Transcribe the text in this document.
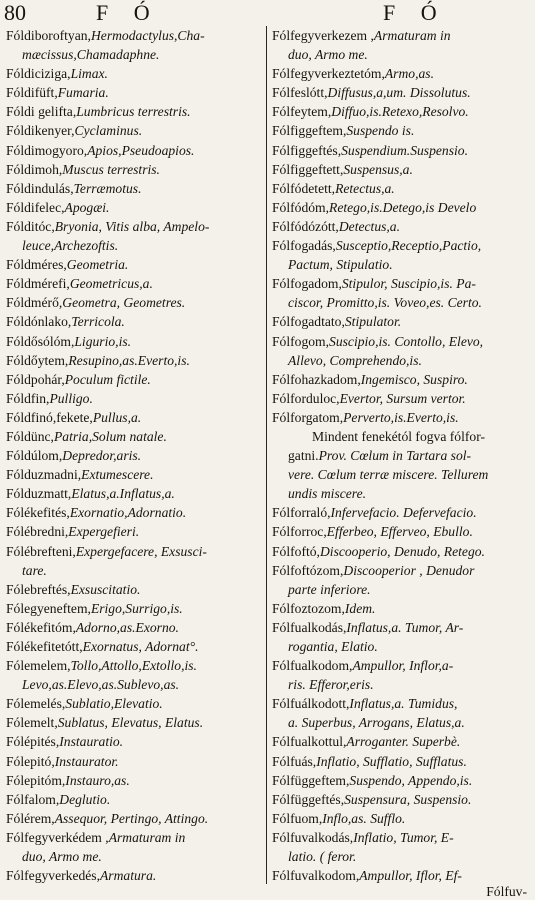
80	F Ó	F Ó
Fóldiboroftyan,Hermodactylus,Cha-
mæcissus,Chamadaphne.
Fóldiciziga,Limax.
Fóldifüft,Fumaria.
Fóldi gelifta,Lumbricus terrestris.
Fóldikenyer,Cyclaminus.
Fóldimogyoro,Apios,Pseudoapios.
Fóldimoh,Muscus terrestris.
Fóldindulás,Terræmotus.
Fóldifelec,Apogæi.
Fólditóc,Bryonia, Vitis alba, Ampelo-
leuce,Archezoftis.
Fóldméres,Geometria.
Fóldmérefi,Geometricus,a.
Fóldmérő,Geometra, Geometres.
Fóldónlako,Terricola.
Fóldősólóm,Ligurio,is.
Fóldőytem,Resupino,as.Everto,is.
Fóldpohár,Poculum fictile.
Fóldfin,Pulligo.
Fóldfinó,fekete,Pullus,a.
Fóldünc,Patria,Solum natale.
Fóldúlom,Depredor,aris.
Fólduzmadni,Extumescere.
Fólduzmatt,Elatus,a.Inflatus,a.
Fólékefités,Exornatio,Adornatio.
Fólébredni,Expergefieri.
Fólébrefteni,Expergefacere, Exsusci-
tare.
Fólebreftés,Exsuscitatio.
Fólegyeneftem,Erigo,Surrigo,is.
Fólékefitóm,Adorno,as.Exorno.
Fólékefitetótt,Exornatus, Adornat°.
Fólemelem,Tollo,Attollo,Extollo,is.
Levo,as.Elevo,as.Sublevo,as.
Fólemelés,Sublatio,Elevatio.
Fólemelt,Sublatus, Elevatus, Elatus.
Fólépités,Instauratio.
Fólepitó,Instaurator.
Fólepitóm,Instauro,as.
Fólfalom,Deglutio.
Fólérem,Assequor, Pertingo, Attingo.
Fólfegyverkédem ,Armaturam in
duo, Armo me.
Fólfegyverkedés,Armatura.
Fólfegyverkezem ,Armaturam in
duo, Armo me.
Fólfegyverkeztetóm,Armo,as.
Fólfeslótt,Diffusus,a,um. Dissolutus.
Fólfeytem,Diffuo,is.Retexo,Resolvo.
Fólfiggeftem,Suspendo is.
Fólfiggeftés,Suspendium.Suspensio.
Fólfiggeftett,Suspensus,a.
Fólfódetett,Retectus,a.
Fólfódóm,Retego,is.Detego,is Develo
Fólfódózótt,Detectus,a.
Fólfogadás,Susceptio,Receptio,Pactio,
Pactum, Stipulatio.
Fólfogadom,Stipulor, Suscipio,is. Pa-
ciscor, Promitto,is. Voveo,es. Certo.
Fólfogadtato,Stipulator.
Fólfogom,Suscipio,is. Contollo, Elevo,
Allevo, Comprehendo,is.
Fólfohazkadom,Ingemisco, Suspiro.
Fólforduloc,Evertor, Sursum vertor.
Fólforgatom,Perverto,is.Everto,is.
Mindent fenekétól fogva fólfor-
gatni.Prov. Cœlum in Tartara sol-
vere. Cœlum terræ miscere. Tellurem
undis miscere.
Fólforraló,Infervefacio. Defervefacio.
Fólforroc,Efferbeo, Efferveo, Ebullo.
Fólfoftó,Discooperio, Denudo, Retego.
Fólfoftózom,Discooperior , Denudor
parte inferiore.
Fólfoztozom,Idem.
Fólfualkodás,Inflatus,a. Tumor, Ar-
rogantia, Elatio.
Fólfualkodom,Ampullor, Inflor,a-
ris. Efferor,eris.
Fólfuálkodott,Inflatus,a. Tumidus,
a. Superbus, Arrogans, Elatus,a.
Fólfualkottul,Arroganter. Superbè.
Fólfuás,Inflatio, Sufflatio, Sufflatus.
Fólfüggeftem,Suspendo, Appendo,is.
Fólfüggeftés,Suspensura, Suspensio.
Fólfuom,Inflo,as. Sufflo.
Fólfuvalkodás,Inflatio, Tumor, E-
latio. ( feror.
Fólfuvalkodom,Ampullor, Iflor, Ef-
Fólfuv-
